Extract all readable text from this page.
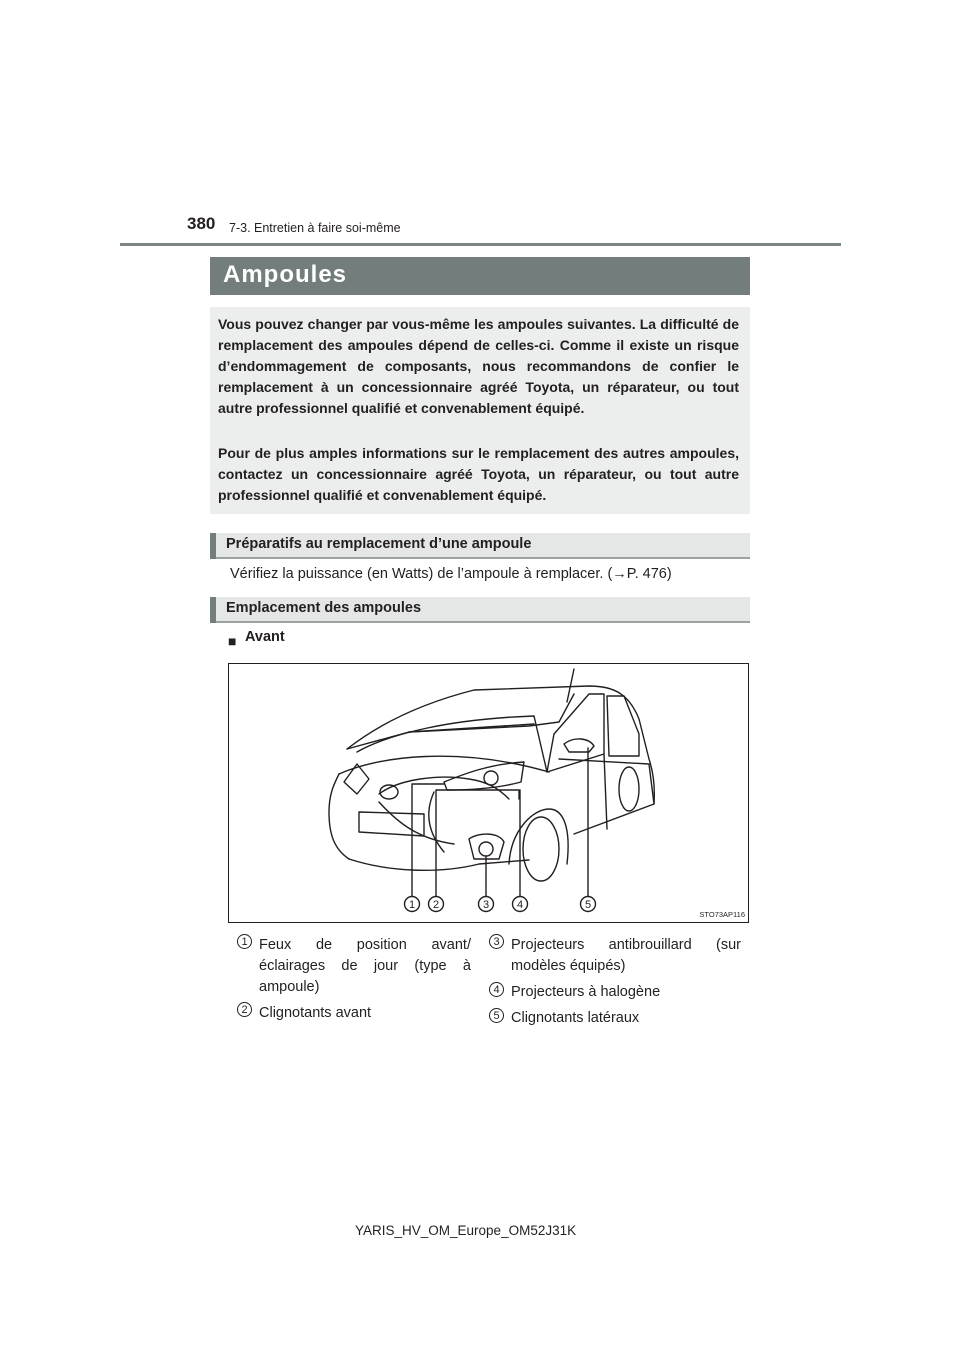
380 7-3. Entretien à faire soi-même
Ampoules

Vous pouvez changer par vous-même les ampoules suivantes. La difficulté de remplacement des ampoules dépend de celles-ci. Comme il existe un risque d’endommagement de composants, nous recommandons de confier le remplacement à un concessionnaire agréé Toyota, un réparateur, ou tout autre professionnel qualifié et convenablement équipé.

Pour de plus amples informations sur le remplacement des autres ampoules, contactez un concessionnaire agréé Toyota, un réparateur, ou tout autre professionnel qualifié et convenablement équipé.

Préparatifs au remplacement d’une ampoule
Vérifiez la puissance (en Watts) de l’ampoule à remplacer. (→P. 476)
Emplacement des ampoules
■ Avant
1 2	3	4	5
STO73AP116
1 Feux de position avant/ éclairages de jour (type à ampoule)
2 Clignotants avant
3 Projecteurs antibrouillard (sur modèles équipés)
4 Projecteurs à halogène
5 Clignotants latéraux
YARIS_HV_OM_Europe_OM52J31K
